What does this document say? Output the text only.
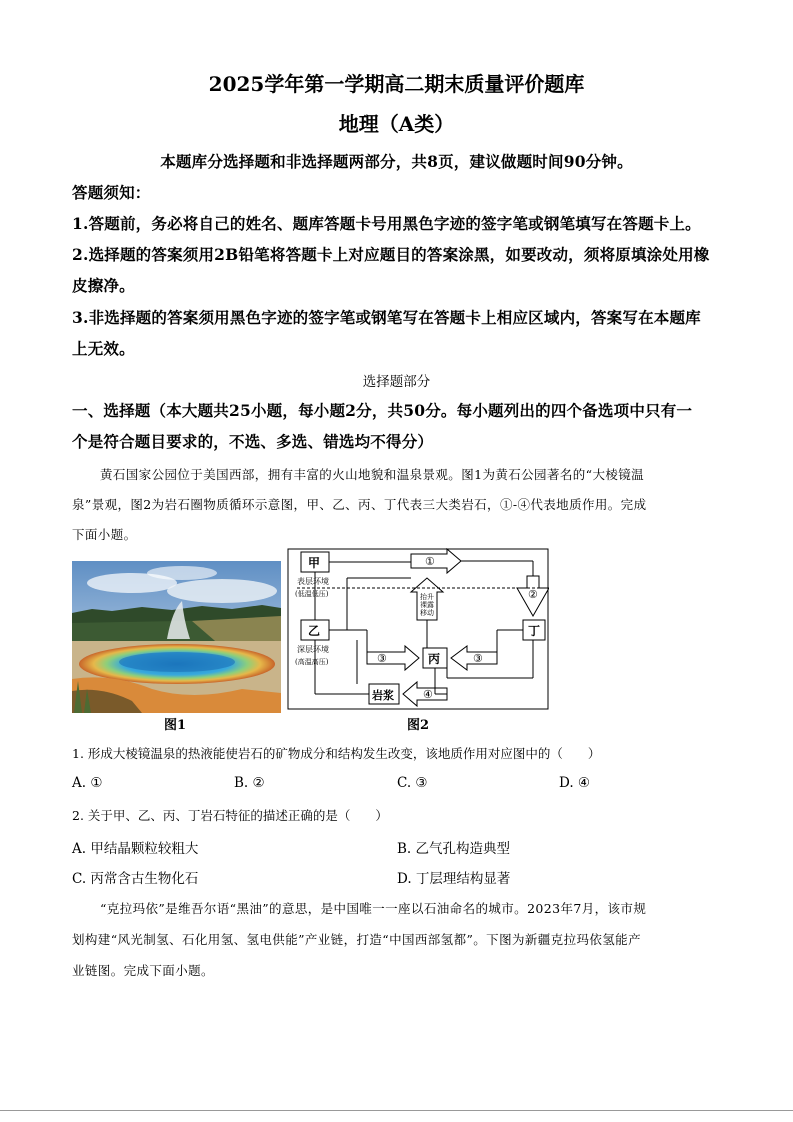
2025学年第一学期高二期末质量评价题库
地理（A类）
本题库分选择题和非选择题两部分，共8页，建议做题时间90分钟。
答题须知：
1.答题前，务必将自己的姓名、题库答题卡号用黑色字迹的签字笔或钢笔填写在答题卡上。
2.选择题的答案须用2B铅笔将答题卡上对应题目的答案涂黑，如要改动，须将原填涂处用橡
皮擦净。
3.非选择题的答案须用黑色字迹的签字笔或钢笔写在答题卡上相应区域内，答案写在本题库
上无效。
选择题部分
一、选择题（本大题共25小题，每小题2分，共50分。每小题列出的四个备选项中只有一
个是符合题目要求的，不选、多选、错选均不得分）
黄石国家公园位于美国西部，拥有丰富的火山地貌和温泉景观。图1为黄石公园著名的“大棱镜温
泉”景观，图2为岩石圈物质循环示意图，甲、乙、丙、丁代表三大类岩石，①-④代表地质作用。完成
下面小题。
图1
甲
乙
丙
丁
岩浆
①
②
③	③
④
表层环境
(低温低压)
深层环境
(高温高压)
抬升
裸露
移动
图2
1. 形成大棱镜温泉的热液能使岩石的矿物成分和结构发生改变，该地质作用对应图中的（　　）
A. ①	B. ②	C. ③	D. ④
2. 关于甲、乙、丙、丁岩石特征的描述正确的是（　　）
A. 甲结晶颗粒较粗大	B. 乙气孔构造典型
C. 丙常含古生物化石	D. 丁层理结构显著
“克拉玛依”是维吾尔语“黑油”的意思，是中国唯一一座以石油命名的城市。2023年7月，该市规
划构建“风光制氢、石化用氢、氢电供能”产业链，打造“中国西部氢都”。下图为新疆克拉玛依氢能产
业链图。完成下面小题。
